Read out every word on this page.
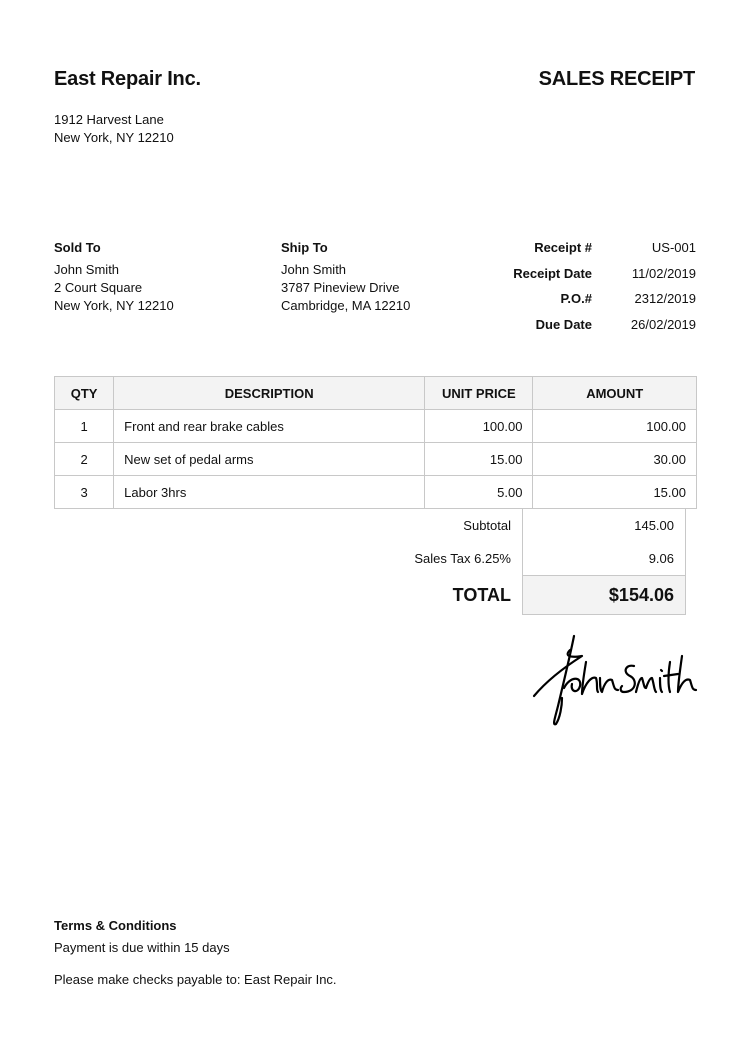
East Repair Inc.	SALES RECEIPT
1912 Harvest Lane
New York, NY 12210
Sold To
John Smith
2 Court Square
New York, NY 12210
Ship To
John Smith
3787 Pineview Drive
Cambridge, MA 12210
Receipt #	US-001
Receipt Date	11/02/2019
P.O.#	2312/2019
Due Date	26/02/2019
QTY	DESCRIPTION	UNIT PRICE	AMOUNT
1	Front and rear brake cables	100.00	100.00
2	New set of pedal arms	15.00	30.00
3	Labor 3hrs	5.00	15.00
Subtotal	145.00
Sales Tax 6.25%	9.06
TOTAL	$154.06
Terms & Conditions
Payment is due within 15 days
Please make checks payable to: East Repair Inc.
